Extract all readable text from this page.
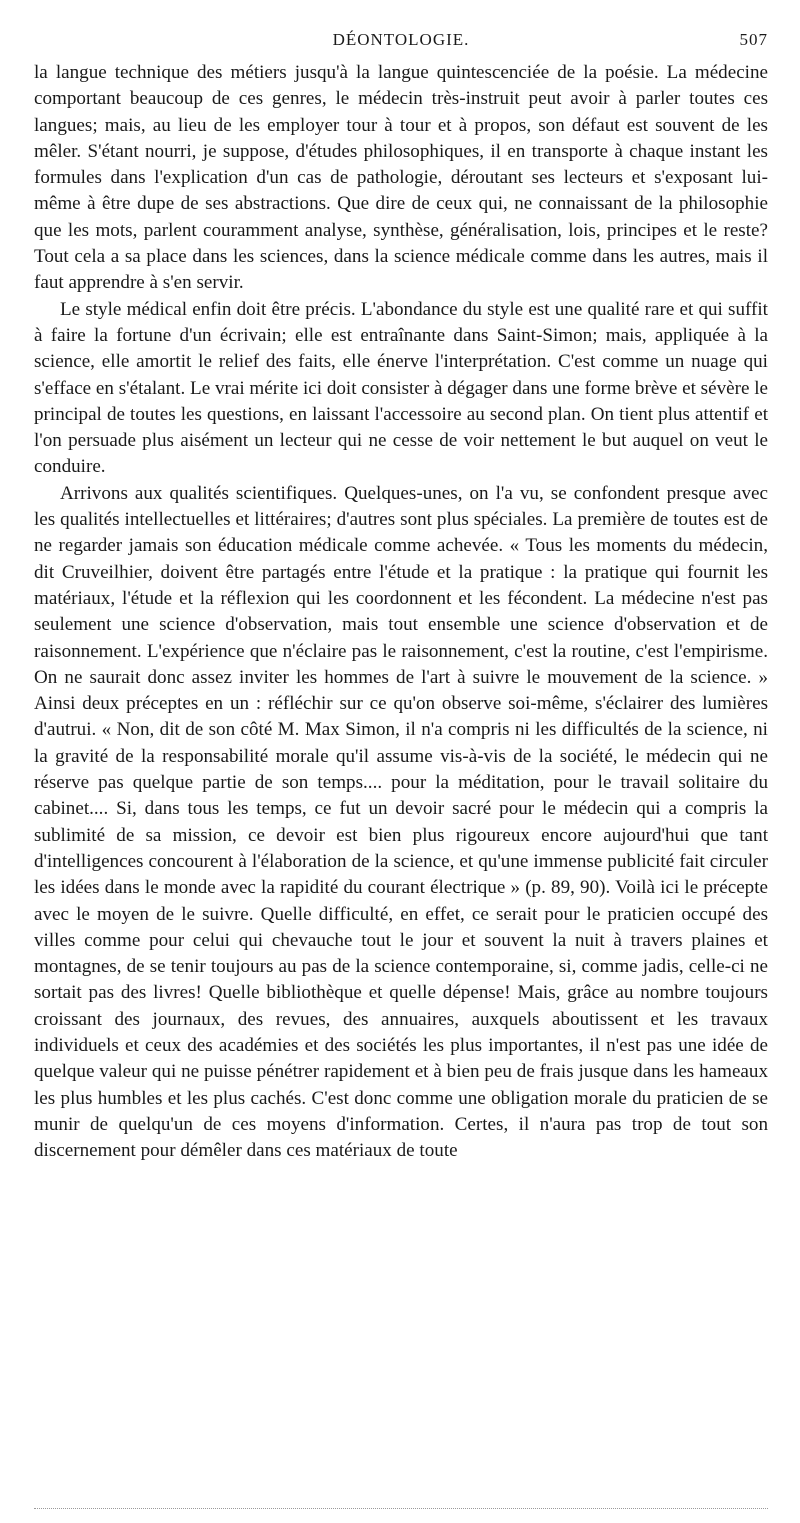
DÉONTOLOGIE.	507

la langue technique des métiers jusqu'à la langue quintescenciée de la poésie. La médecine comportant beaucoup de ces genres, le médecin très-instruit peut avoir à parler toutes ces langues; mais, au lieu de les employer tour à tour et à propos, son défaut est souvent de les mêler. S'étant nourri, je suppose, d'études philosophiques, il en transporte à chaque instant les formules dans l'explication d'un cas de pathologie, déroutant ses lecteurs et s'exposant lui-même à être dupe de ses abstractions. Que dire de ceux qui, ne connaissant de la philosophie que les mots, parlent couramment analyse, synthèse, généralisation, lois, principes et le reste? Tout cela a sa place dans les sciences, dans la science médicale comme dans les autres, mais il faut apprendre à s'en servir.

Le style médical enfin doit être précis. L'abondance du style est une qualité rare et qui suffit à faire la fortune d'un écrivain; elle est entraînante dans Saint-Simon; mais, appliquée à la science, elle amortit le relief des faits, elle énerve l'interprétation. C'est comme un nuage qui s'efface en s'étalant. Le vrai mérite ici doit consister à dégager dans une forme brève et sévère le principal de toutes les questions, en laissant l'accessoire au second plan. On tient plus attentif et l'on persuade plus aisément un lecteur qui ne cesse de voir nettement le but auquel on veut le conduire.

Arrivons aux qualités scientifiques. Quelques-unes, on l'a vu, se confondent presque avec les qualités intellectuelles et littéraires; d'autres sont plus spéciales. La première de toutes est de ne regarder jamais son éducation médicale comme achevée. « Tous les moments du médecin, dit Cruveilhier, doivent être partagés entre l'étude et la pratique : la pratique qui fournit les matériaux, l'étude et la réflexion qui les coordonnent et les fécondent. La médecine n'est pas seulement une science d'observation, mais tout ensemble une science d'observation et de raisonnement. L'expérience que n'éclaire pas le raisonnement, c'est la routine, c'est l'empirisme. On ne saurait donc assez inviter les hommes de l'art à suivre le mouvement de la science. » Ainsi deux préceptes en un : réfléchir sur ce qu'on observe soi-même, s'éclairer des lumières d'autrui. « Non, dit de son côté M. Max Simon, il n'a compris ni les difficultés de la science, ni la gravité de la responsabilité morale qu'il assume vis-à-vis de la société, le médecin qui ne réserve pas quelque partie de son temps.... pour la méditation, pour le travail solitaire du cabinet.... Si, dans tous les temps, ce fut un devoir sacré pour le médecin qui a compris la sublimité de sa mission, ce devoir est bien plus rigoureux encore aujourd'hui que tant d'intelligences concourent à l'élaboration de la science, et qu'une immense publicité fait circuler les idées dans le monde avec la rapidité du courant électrique » (p. 89, 90). Voilà ici le précepte avec le moyen de le suivre. Quelle difficulté, en effet, ce serait pour le praticien occupé des villes comme pour celui qui chevauche tout le jour et souvent la nuit à travers plaines et montagnes, de se tenir toujours au pas de la science contemporaine, si, comme jadis, celle-ci ne sortait pas des livres! Quelle bibliothèque et quelle dépense! Mais, grâce au nombre toujours croissant des journaux, des revues, des annuaires, auxquels aboutissent et les travaux individuels et ceux des académies et des sociétés les plus importantes, il n'est pas une idée de quelque valeur qui ne puisse pénétrer rapidement et à bien peu de frais jusque dans les hameaux les plus humbles et les plus cachés. C'est donc comme une obligation morale du praticien de se munir de quelqu'un de ces moyens d'information. Certes, il n'aura pas trop de tout son discernement pour démêler dans ces matériaux de toute
